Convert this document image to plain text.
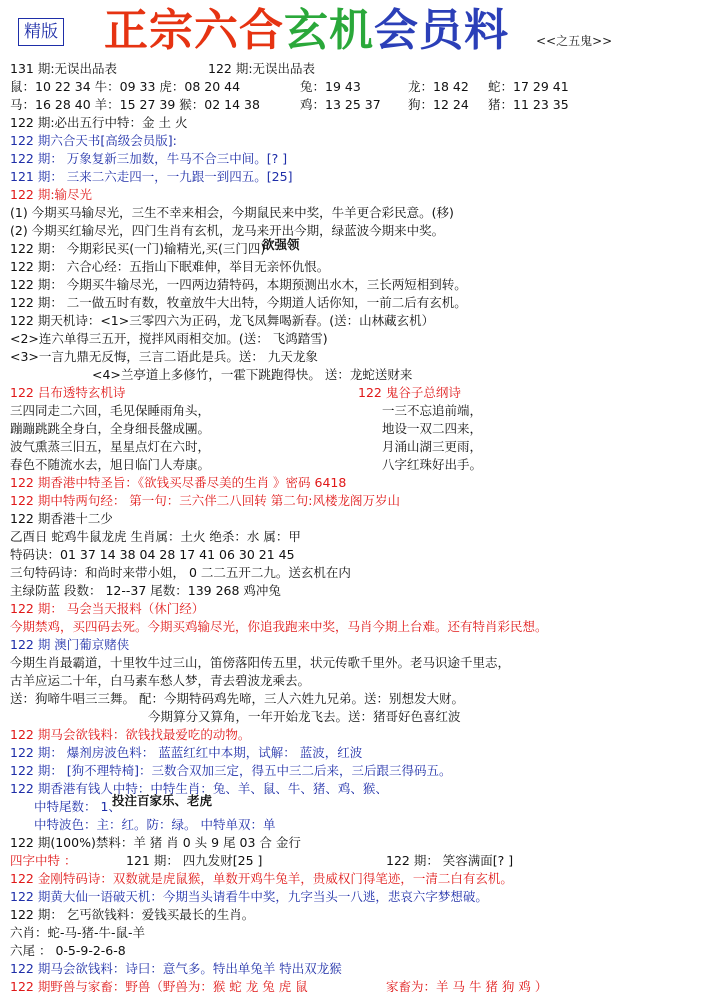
精版 正宗六合玄机会员料 <<之五鬼>>
131 期:无误出品表	122 期:无误出品表
鼠：10 22 34 牛：09 33 虎：08 20 44	兔：19 43	龙：18 42 蛇：17 29 41
马：16 28 40 羊：15 27 39 猴：02 14 38	鸡：13 25 37 狗：12 24 猪：11 23 35
122 期:必出五行中特：金 土 火
122 期六合天书[高级会员版]:
122 期： 万象复新三加数，牛马不合三中间。[? ]
121 期： 三来二六走四一，一九跟一到四五。[25]
122 期:输尽光
(1) 今期买马输尽光，三生不幸来相会，今期鼠民来中奖，牛羊更合彩民意。(移)
(2) 今期买红输尽光，四门生肖有玄机，龙马来开出今期，绿蓝波今期来中奖。
122 期： 今期彩民买(一门)输精光,买(三门四)
欲强领
122 期： 六合心经：五指山下眠难伸，举目无亲怀仇恨。
122 期： 今期买牛输尽光，一四两边猜特码，本期预测出水木，三长两短相到转。
122 期： 二一做五时有数，牧童放牛大出特，今期道人话你知，一前二后有玄机。
122 期天机诗：<1>三零四六为正码，龙飞凤舞喝新春。(送：山林藏玄机）
<2>连六单得三五开，搅拌风雨相交加。(送： 飞鸿踏雪)
<3>一言九鼎无反悔，三言二语此是兵。送： 九天龙象
<4>兰亭道上多修竹，一霍下跳跑得快。 送：龙蛇送财来
122 吕布透特玄机诗	122 鬼谷子总纲诗
三四同走二六回，毛见保睡雨角头，	一三不忘追前端，
蹦蹦跳跳全身白，全身细長盤成團。	地设一双二四来，
波气熏蒸三旧五，星星点灯在六时，	月涌山湖三更雨，
春色不随流水去，旭日临门人寿康。	八字红珠好出手。
122 期香港中特圣旨：《欲钱买尽番尽美的生肖 》密码 6418
122 期中特两句经： 第一句：三六伴二八回转 第二句:风楼龙阁万岁山
122 期香港十二少
乙酉日 蛇鸡牛鼠龙虎 生肖属：土火 绝杀：水 属：甲
特码诀：01 37 14 38 04 28 17 41 06 30 21 45
三句特码诗：和尚时来带小姐， 0 二二五开二九。送玄机在内
主绿防蓝 段数： 12--37 尾数：139 268 鸡冲兔
122 期： 马会当天报料（休门经）
今期禁鸡，买四码去死。今期买鸡输尽光，你追我跑来中奖，马肖今期上台难。还有特肖彩民想。
122 期 澳门葡京赌侠
今期生肖最霸道，十里牧牛过三山，笛傍落阳传五里，状元传歌千里外。老马识途千里志，
古羊应运二十年，白马素车愁人梦，青去碧波龙乘去。
送：狗啼牛唱三三舞。 配：今期特码鸡先啼，三人六姓九兄弟。送：别想发大财。
今期算分又算角，一年开始龙飞去。送：猪哥好色喜红波
122 期马会欲钱料：欲钱找最爱吃的动物。
122 期： 爆剂房波色料： 蓝蓝红红中本期，试解： 蓝波，红波
122 期： [狗不理特椅]：三数合双加三定，得五中三二后来，三后跟三得码五。
122 期香港有钱人中特：中特生肖：兔、羊、鼠、牛、猪、鸡、猴、
中特尾数： 1、
投注百家乐、老虎
中特波色：主：红。防：绿。 中特单双：单
122 期(100%)禁料：羊 猪 肖 0 头 9 尾 03 合 金行
四字中特 ：	121 期： 四九发财[25 ]	122 期： 笑容满面[? ]
122 金刚特码诗：双数就是虎鼠猴，单数开鸡牛兔羊，贵威权门得笔迹，一清二白有玄机。
122 期黄大仙一语破天机：今期当头请看牛中奖，九字当头一八逃，悲哀六字梦想破。
122 期： 乞丐欲钱料：爱钱买最长的生肖。
六肖：蛇-马-猪-牛-鼠-羊
六尾 ： 0-5-9-2-6-8
122 期马会欲钱料：诗曰：意气多。特出单兔羊 特出双龙猴
122 期野兽与家畜：野兽（野兽为：猴 蛇 龙 兔 虎 鼠	家畜为：羊 马 牛 猪 狗 鸡 ）
